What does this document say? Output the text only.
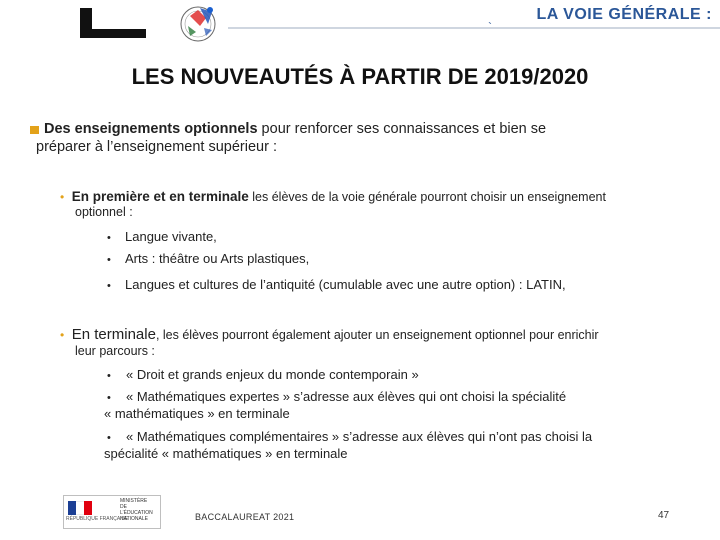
LA VOIE GÉNÉRALE :
`
LES NOUVEAUTÉS À PARTIR DE 2019/2020
Des enseignements optionnels pour renforcer ses connaissances et bien se
préparer à l’enseignement supérieur :
• En première et en terminale les élèves de la voie générale pourront choisir un enseignement
optionnel :
• Langue vivante,
• Arts : théâtre ou Arts plastiques,
• Langues et cultures de l’antiquité (cumulable avec une autre option) : LATIN,
• En terminale, les élèves pourront également ajouter un enseignement optionnel pour enrichir
leur parcours :
• « Droit et grands enjeux du monde contemporain »
• « Mathématiques expertes » s’adresse aux élèves qui ont choisi la spécialité
« mathématiques » en terminale
• « Mathématiques complémentaires » s’adresse aux élèves qui n’ont pas choisi la
spécialité « mathématiques » en terminale
RÉPUBLIQUE FRANÇAISE
MINISTÈRE
DE L’ÉDUCATION
NATIONALE	BACCALAUREAT 2021	47
